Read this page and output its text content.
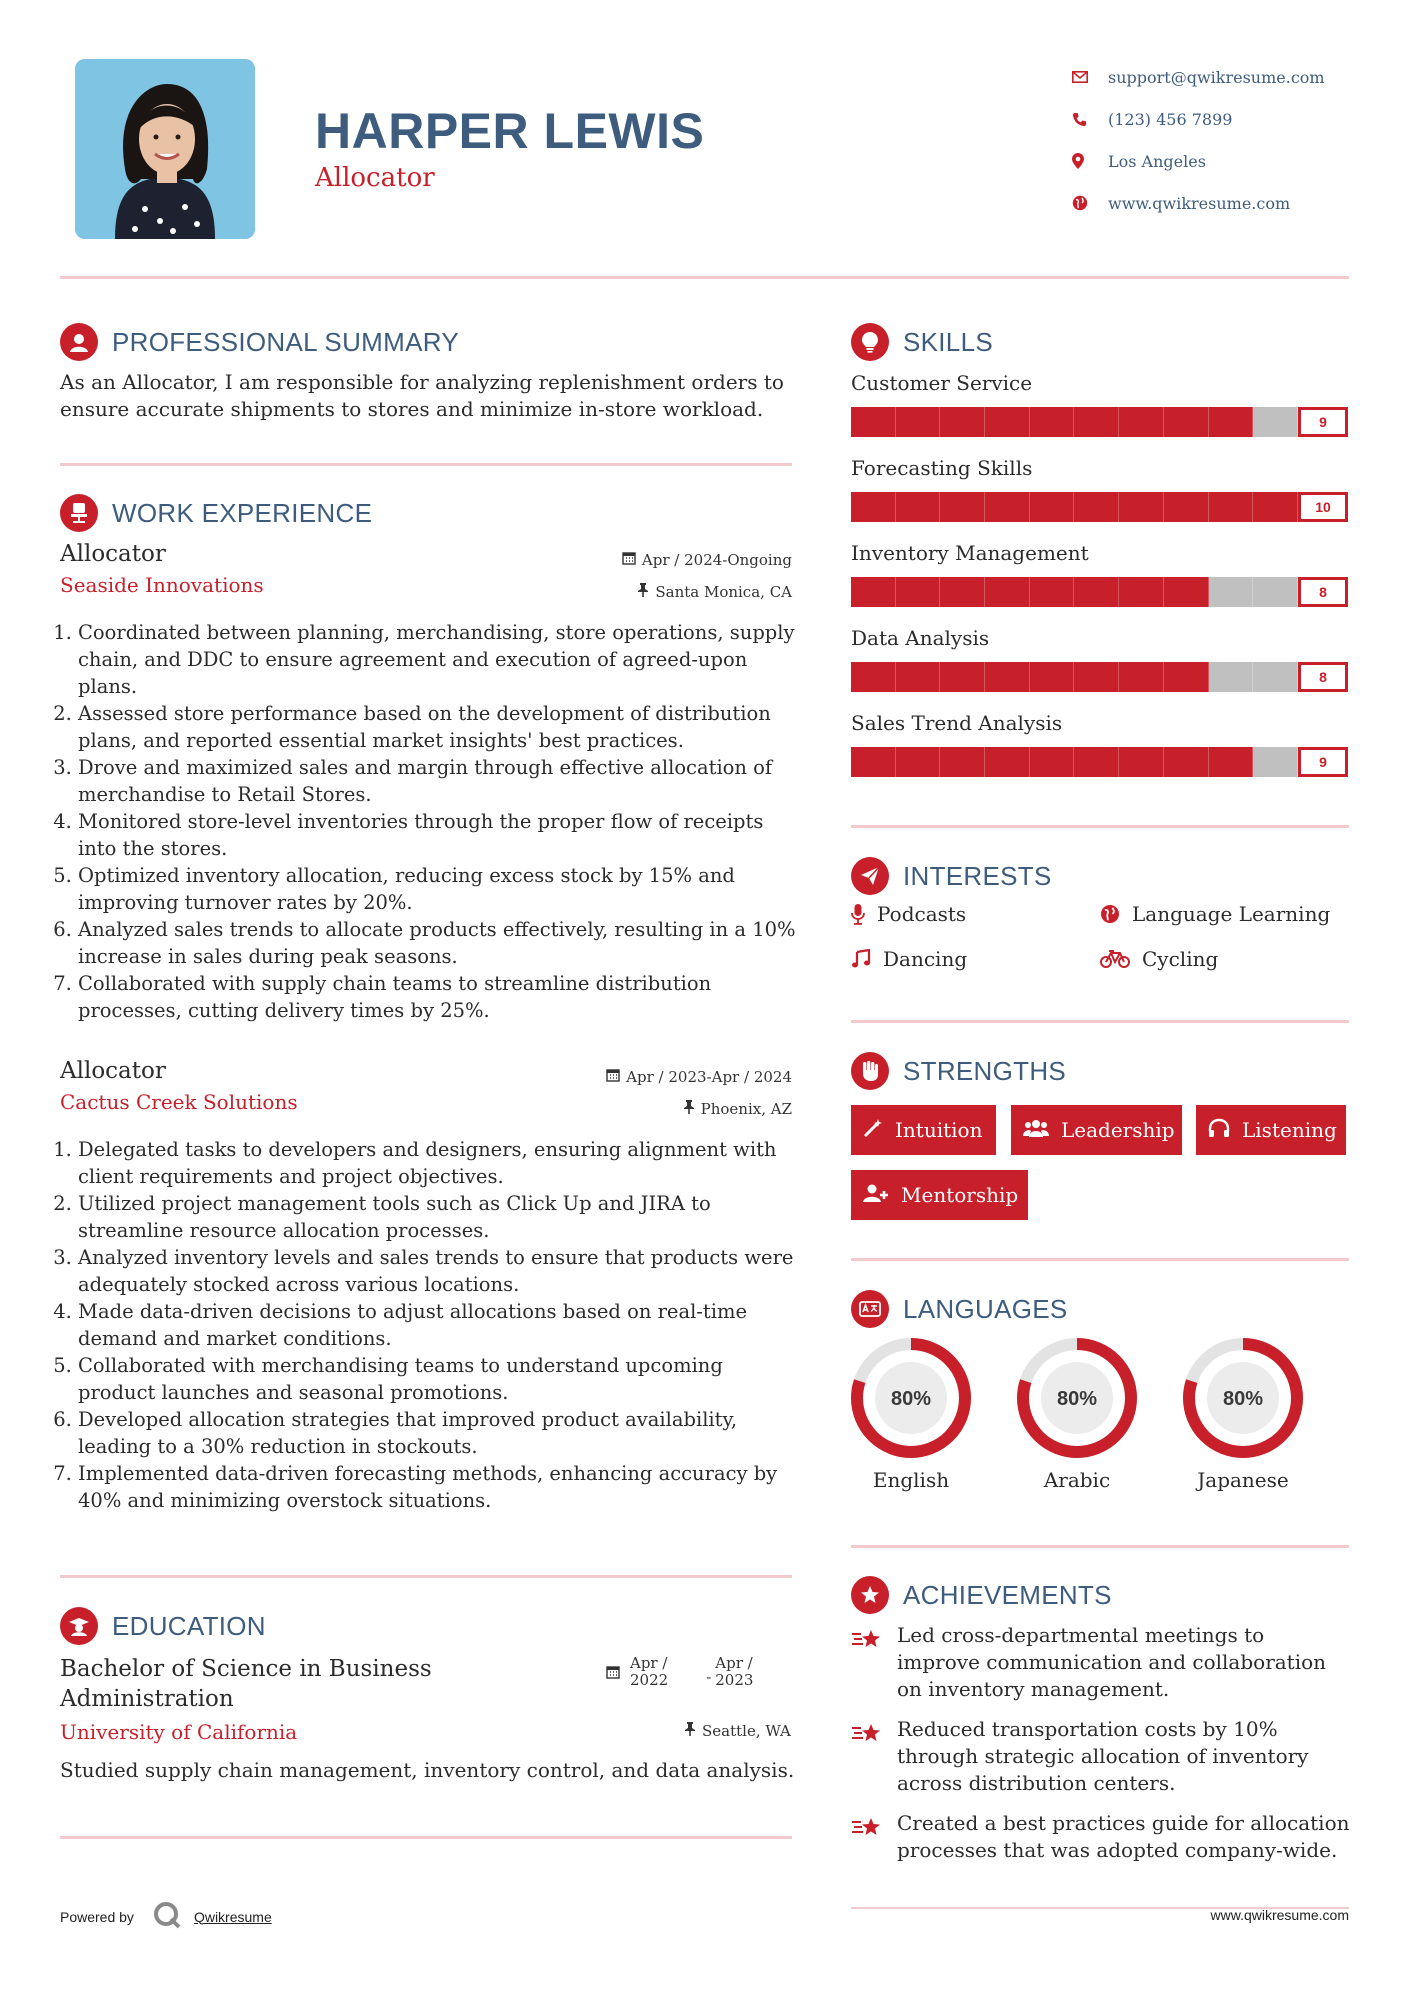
HARPER LEWIS
Allocator
support@qwikresume.com
(123) 456 7899
Los Angeles
www.qwikresume.com
PROFESSIONAL SUMMARY
As an Allocator, I am responsible for analyzing replenishment orders to ensure accurate shipments to stores and minimize in-store workload.
WORK EXPERIENCE
Allocator	Apr / 2024-Ongoing
Seaside Innovations	Santa Monica, CA
1. Coordinated between planning, merchandising, store operations, supply chain, and DDC to ensure agreement and execution of agreed-upon plans.
2. Assessed store performance based on the development of distribution plans, and reported essential market insights' best practices.
3. Drove and maximized sales and margin through effective allocation of merchandise to Retail Stores.
4. Monitored store-level inventories through the proper flow of receipts into the stores.
5. Optimized inventory allocation, reducing excess stock by 15% and improving turnover rates by 20%.
6. Analyzed sales trends to allocate products effectively, resulting in a 10% increase in sales during peak seasons.
7. Collaborated with supply chain teams to streamline distribution processes, cutting delivery times by 25%.
Allocator	Apr / 2023-Apr / 2024
Cactus Creek Solutions	Phoenix, AZ
1. Delegated tasks to developers and designers, ensuring alignment with client requirements and project objectives.
2. Utilized project management tools such as Click Up and JIRA to streamline resource allocation processes.
3. Analyzed inventory levels and sales trends to ensure that products were adequately stocked across various locations.
4. Made data-driven decisions to adjust allocations based on real-time demand and market conditions.
5. Collaborated with merchandising teams to understand upcoming product launches and seasonal promotions.
6. Developed allocation strategies that improved product availability, leading to a 30% reduction in stockouts.
7. Implemented data-driven forecasting methods, enhancing accuracy by 40% and minimizing overstock situations.
EDUCATION
Bachelor of Science in Business
Administration
Apr /
2022	-
Apr /
2023
University of California	Seattle, WA
Studied supply chain management, inventory control, and data analysis.
SKILLS
Customer Service
9
Forecasting Skills
10
Inventory Management
8
Data Analysis
8
Sales Trend Analysis
9
INTERESTS
Podcasts	Language Learning
Dancing	Cycling
STRENGTHS
Intuition	Leadership	Listening
Mentorship
LANGUAGES
80%
English
80%
Arabic
80%
Japanese
ACHIEVEMENTS
Led cross-departmental meetings to improve communication and collaboration on inventory management.
Reduced transportation costs by 10% through strategic allocation of inventory across distribution centers.
Created a best practices guide for allocation processes that was adopted company-wide.
Powered by	Qwikresume	www.qwikresume.com
